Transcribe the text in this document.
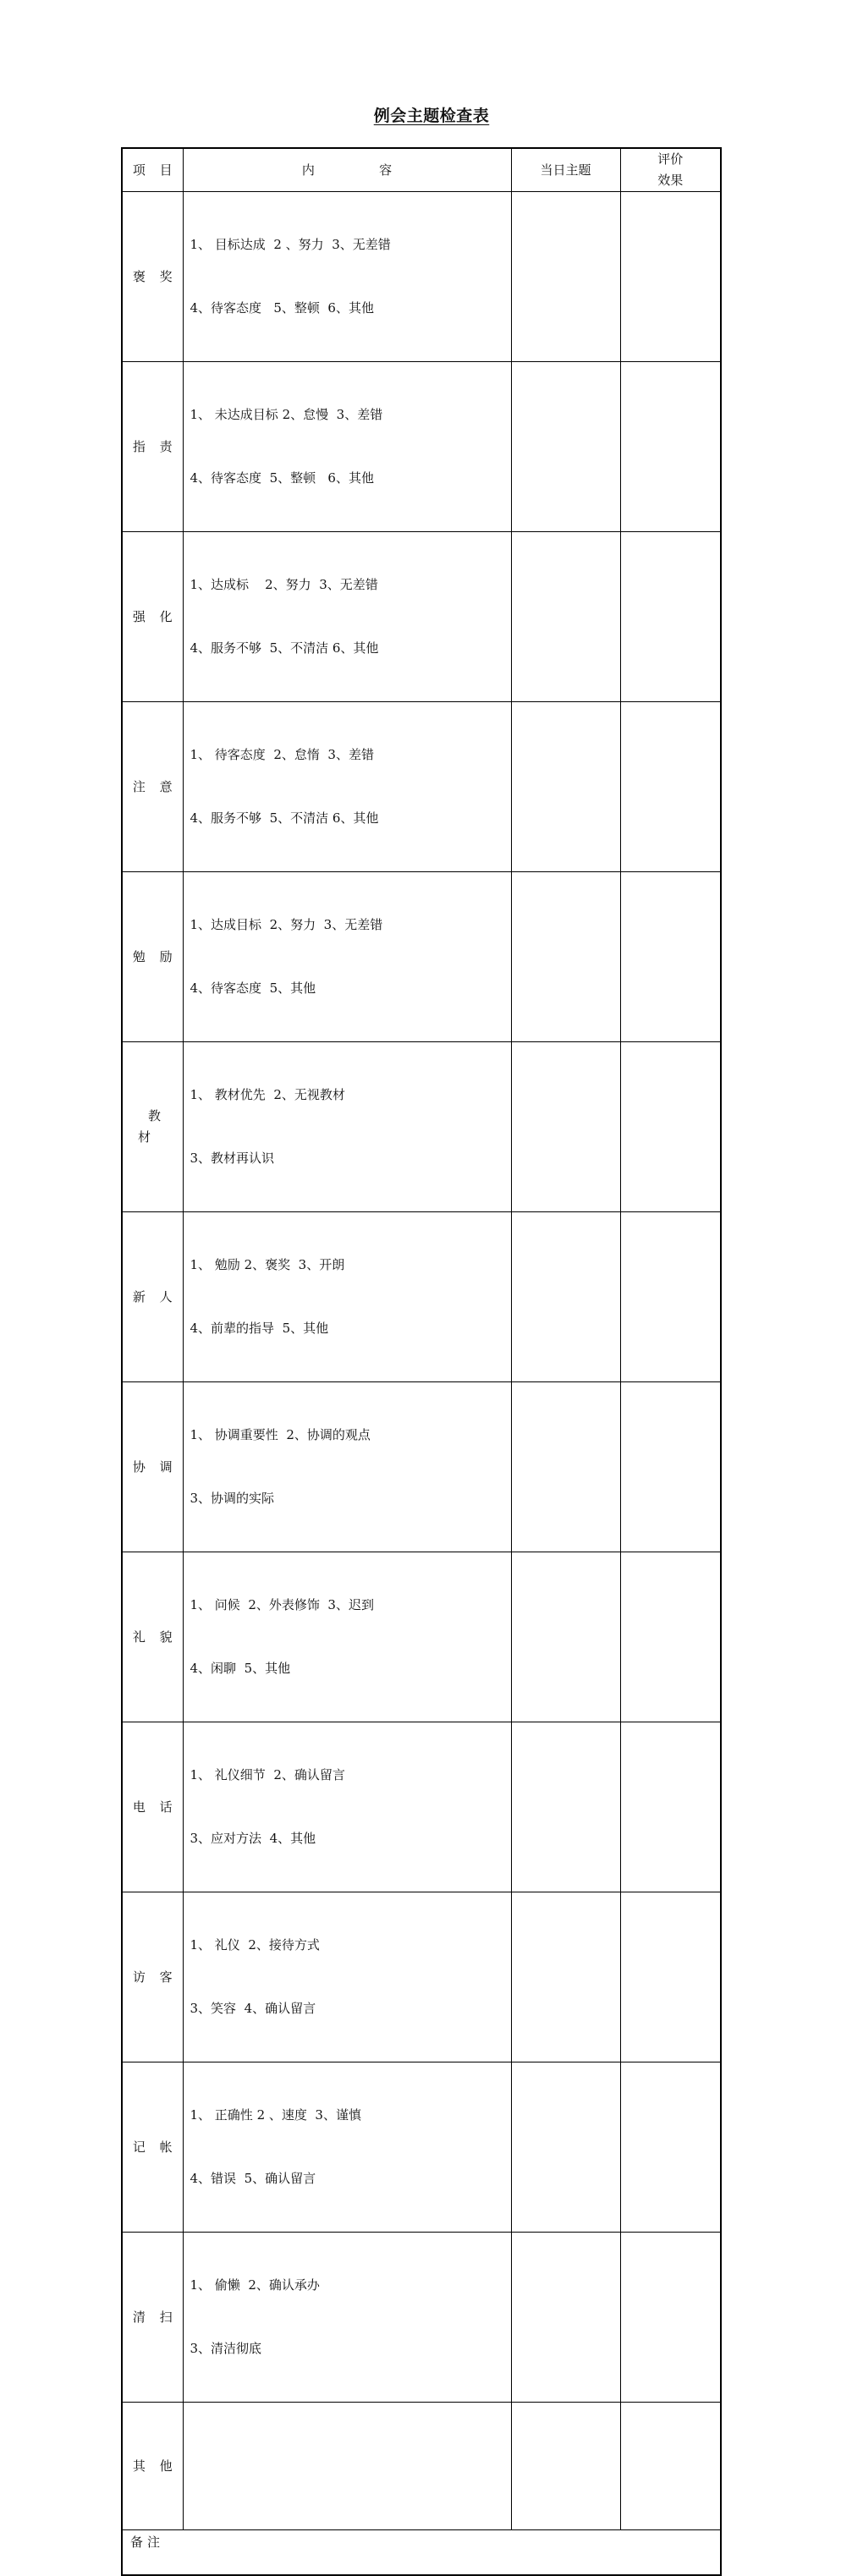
例会主题检查表
项 目	内                容	当日主题	评价
效果

褒 奖	1、 目标达成  2 、努力  3、无差错

4、待客态度   5、整顿  6、其他		

指 责	1、 未达成目标 2、怠慢  3、差错

4、待客态度  5、整顿   6、其他		

强 化	1、达成标    2、努力  3、无差错

4、服务不够  5、不清洁 6、其他		

注 意	1、 待客态度  2、怠惰  3、差错

4、服务不够  5、不清洁 6、其他		

勉 励	1、达成目标  2、努力  3、无差错

4、待客态度  5、其他		

教
材	1、 教材优先  2、无视教材

3、教材再认识		

新 人	1、 勉励 2、褒奖  3、开朗

4、前辈的指导  5、其他		

协 调	1、 协调重要性  2、协调的观点

3、协调的实际		

礼 貌	1、 问候  2、外表修饰  3、迟到

4、闲聊  5、其他		

电 话	1、 礼仪细节  2、确认留言

3、应对方法  4、其他		

访 客	1、 礼仪  2、接待方式

3、笑容  4、确认留言		

记 帐	1、 正确性 2 、速度  3、谨慎

4、错误  5、确认留言		

清 扫	1、 偷懒  2、确认承办

3、清洁彻底		

其 他	

备注			
